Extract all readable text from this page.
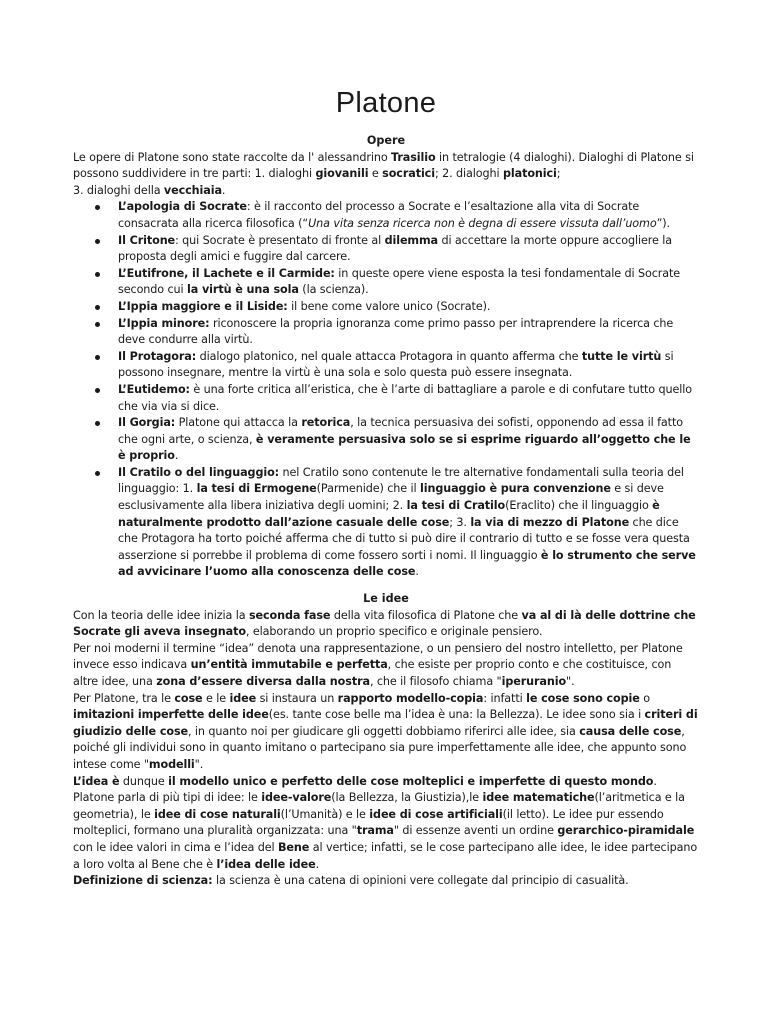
Platone
Opere

Le opere di Platone sono state raccolte da l' alessandrino Trasilio in tetralogie (4 dialoghi). Dialoghi di Platone si possono suddividere in tre parti: 1. dialoghi giovanili e socratici; 2. dialoghi platonici;
3. dialoghi della vecchiaia.

L’apologia di Socrate: è il racconto del processo a Socrate e l’esaltazione alla vita di Socrate consacrata alla ricerca filosofica (“Una vita senza ricerca non è degna di essere vissuta dall’uomo”).
Il Critone: qui Socrate è presentato di fronte al dilemma di accettare la morte oppure accogliere la proposta degli amici e fuggire dal carcere.
L’Eutifrone, il Lachete e il Carmide: in queste opere viene esposta la tesi fondamentale di Socrate secondo cui la virtù è una sola (la scienza).
L’Ippia maggiore e il Liside: il bene come valore unico (Socrate).
L’Ippia minore: riconoscere la propria ignoranza come primo passo per intraprendere la ricerca che deve condurre alla virtù.
Il Protagora: dialogo platonico, nel quale attacca Protagora in quanto afferma che tutte le virtù si possono insegnare, mentre la virtù è una sola e solo questa può essere insegnata.
L’Eutidemo: è una forte critica all’eristica, che è l’arte di battagliare a parole e di confutare tutto quello che via via si dice.
Il Gorgia: Platone qui attacca la retorica, la tecnica persuasiva dei sofisti, opponendo ad essa il fatto che ogni arte, o scienza, è veramente persuasiva solo se si esprime riguardo all’oggetto che le è proprio.
Il Cratilo o del linguaggio: nel Cratilo sono contenute le tre alternative fondamentali sulla teoria del linguaggio: 1. la tesi di Ermogene(Parmenide) che il linguaggio è pura convenzione e si deve esclusivamente alla libera iniziativa degli uomini; 2. la tesi di Cratilo(Eraclito) che il linguaggio è naturalmente prodotto dall’azione casuale delle cose; 3. la via di mezzo di Platone che dice che Protagora ha torto poiché afferma che di tutto si può dire il contrario di tutto e se fosse vera questa asserzione si porrebbe il problema di come fossero sorti i nomi. Il linguaggio è lo strumento che serve ad avvicinare l’uomo alla conoscenza delle cose.
Le idee

Con la teoria delle idee inizia la seconda fase della vita filosofica di Platone che va al di là delle dottrine che Socrate gli aveva insegnato, elaborando un proprio specifico e originale pensiero.

Per noi moderni il termine “idea” denota una rappresentazione, o un pensiero del nostro intelletto, per Platone invece esso indicava un’entità immutabile e perfetta, che esiste per proprio conto e che costituisce, con altre idee, una zona d’essere diversa dalla nostra, che il filosofo chiama "iperuranio".

Per Platone, tra le cose e le idee si instaura un rapporto modello-copia: infatti le cose sono copie o imitazioni imperfette delle idee(es. tante cose belle ma l’idea è una: la Bellezza). Le idee sono sia i criteri di giudizio delle cose, in quanto noi per giudicare gli oggetti dobbiamo riferirci alle idee, sia causa delle cose, poiché gli individui sono in quanto imitano o partecipano sia pure imperfettamente alle idee, che appunto sono intese come "modelli".

L’idea è dunque il modello unico e perfetto delle cose molteplici e imperfette di questo mondo.

Platone parla di più tipi di idee: le idee-valore(la Bellezza, la Giustizia),le idee matematiche(l’aritmetica e la geometria), le idee di cose naturali(l’Umanità) e le idee di cose artificiali(il letto). Le idee pur essendo molteplici, formano una pluralità organizzata: una "trama" di essenze aventi un ordine gerarchico-piramidale con le idee valori in cima e l’idea del Bene al vertice; infatti, se le cose partecipano alle idee, le idee partecipano a loro volta al Bene che è l’idea delle idee.

Definizione di scienza: la scienza è una catena di opinioni vere collegate dal principio di casualità.
